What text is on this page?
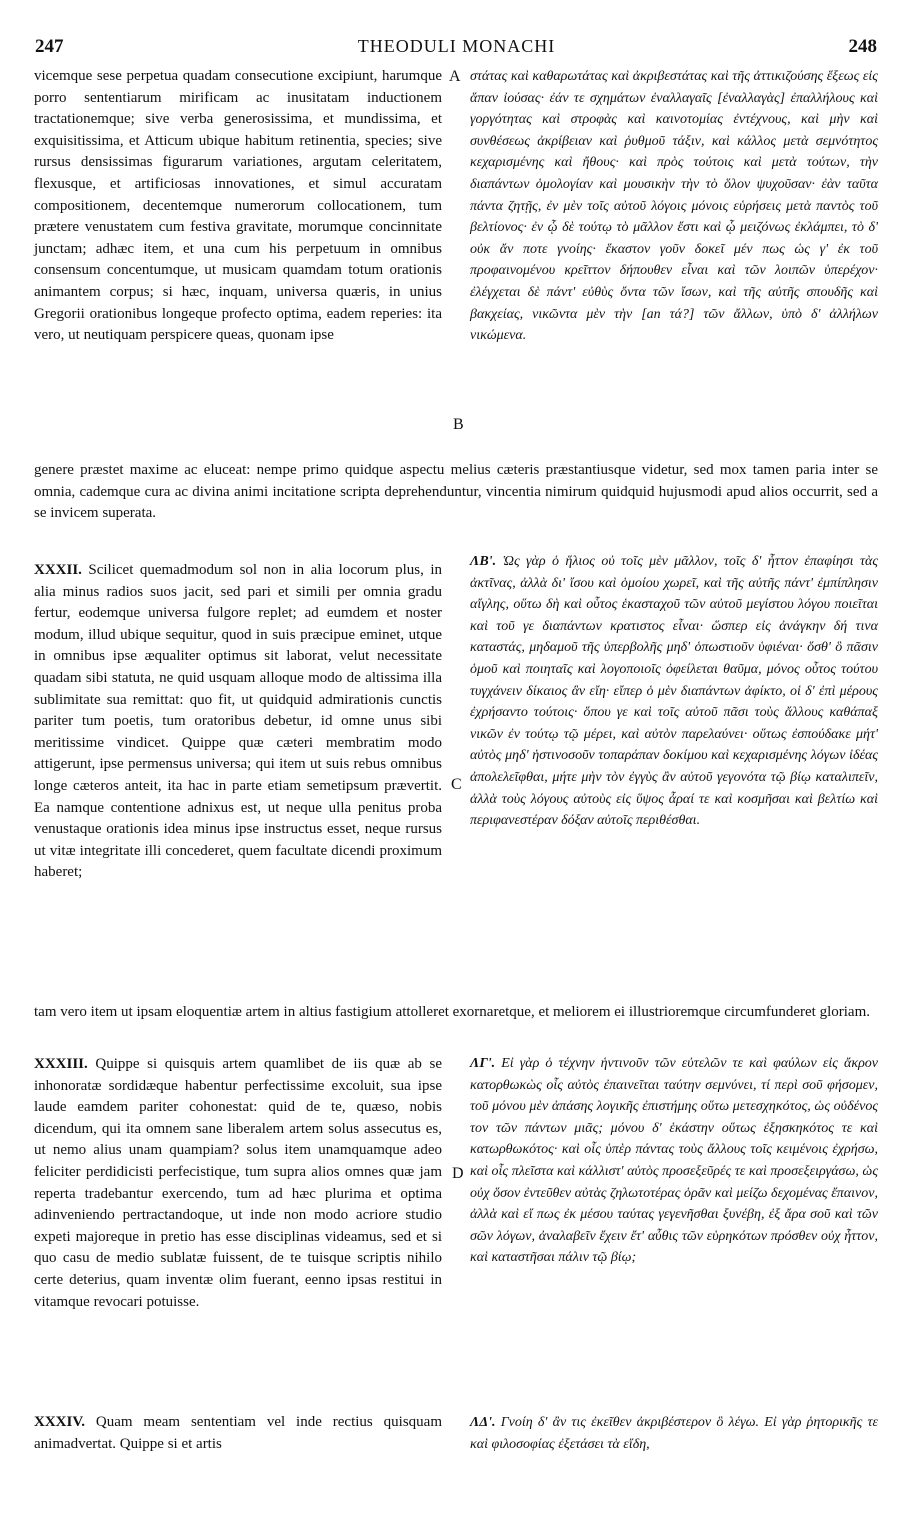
247	THEODULI MONACHI	248

vicemque sese perpetua quadam consecutione excipiunt, harumque porro sententiarum mirificam ac inusitatam inductionem tractationemque; sive verba generosissima, et mundissima, et exquisitissima, et Atticum ubique habitum retinentia, species; sive rursus densissimas figurarum variationes, argutam celeritatem, flexusque, et artificiosas innovationes, et simul accuratam compositionem, decentemque numerorum collocationem, tum prætere venustatem cum festiva gravitate, morumque concinnitate junctam; adhæc item, et una cum his perpetuum in omnibus consensum concentumque, ut musicam quamdam totum orationis animantem corpus; si hæc, inquam, universa quæris, in unius Gregorii orationibus longeque profecto optima, eadem reperies: ita vero, ut neutiquam perspicere queas, quonam ipse

στάτας καὶ καθαρωτάτας καὶ ἀκριβεστάτας καὶ τῆς ἀττικιζούσης ἕξεως εἰς ἅπαν ἰούσας· ἐάν τε σχημάτων ἐναλλαγαῖς [ἐναλλαγὰς] ἐπαλλήλους καὶ γοργότητας καὶ στροφὰς καὶ καινοτομίας ἐντέχνους, καὶ μὴν καὶ συνθέσεως ἀκρίβειαν καὶ ῥυθμοῦ τάξιν, καὶ κάλλος μετὰ σεμνότητος κεχαρισμένης καὶ ἤθους· καὶ πρὸς τούτοις καὶ μετὰ τούτων, τὴν διαπάντων ὁμολογίαν καὶ μουσικὴν τὴν τὸ ὅλον ψυχοῦσαν· ἐὰν ταῦτα πάντα ζητῇς, ἐν μὲν τοῖς αὐτοῦ λόγοις μόνοις εὑρήσεις μετὰ παντὸς τοῦ βελτίονος· ἐν ᾧ δὲ τούτῳ τὸ μᾶλλον ἔστι καὶ ᾧ μειζόνως ἐκλάμπει, τὸ δ' οὐκ ἄν ποτε γνοίης· ἕκαστον γοῦν δοκεῖ μέν πως ὡς γ' ἐκ τοῦ προφαινομένου κρεῖττον δήπουθεν εἶναι καὶ τῶν λοιπῶν ὑπερέχον· ἐλέγχεται δὲ πάντ' εὐθὺς ὄντα τῶν ἴσων, καὶ τῆς αὐτῆς σπουδῆς καὶ βακχείας, νικῶντα μὲν τὴν [an τά?] τῶν ἄλλων, ὑπὸ δ' ἀλλήλων νικώμενα.

A
B

genere præstet maxime ac eluceat: nempe primo quidque aspectu melius cæteris præstantiusque videtur, sed mox tamen paria inter se omnia, cademque cura ac divina animi incitatione scripta deprehenduntur, vincentia nimirum quidquid hujusmodi apud alios occurrit, sed a se invicem superata.

XXXII. Scilicet quemadmodum sol non in alia locorum plus, in alia minus radios suos jacit, sed pari et simili per omnia gradu fertur, eodemque universa fulgore replet; ad eumdem et noster modum, illud ubique sequitur, quod in suis præcipue eminet, utque in omnibus ipse æqualiter optimus sit laborat, velut necessitate quadam sibi statuta, ne quid usquam alloque modo de altissima illa sublimitate sua remittat: quo fit, ut quidquid admirationis cunctis pariter tum poetis, tum oratoribus debetur, id omne unus sibi meritissime vindicet. Quippe quæ cæteri membratim modo attigerunt, ipse permensus universa; qui item ut suis rebus omnibus longe cæteros anteit, ita hac in parte etiam semetipsum prævertit. Ea namque contentione adnixus est, ut neque ulla penitus proba venustaque orationis idea minus ipse instructus esset, neque rursus ut vitæ integritate illi concederet, quem facultate dicendi proximum haberet;

ΛΒ'. Ὡς γὰρ ὁ ἥλιος οὐ τοῖς μὲν μᾶλλον, τοῖς δ' ἧττον ἐπαφίησι τὰς ἀκτῖνας, ἀλλὰ δι' ἴσου καὶ ὁμοίου χωρεῖ, καὶ τῆς αὐτῆς πάντ' ἐμπίπλησιν αἴγλης, οὕτω δὴ καὶ οὗτος ἑκασταχοῦ τῶν αὐτοῦ μεγίστου λόγου ποιεῖται καὶ τοῦ γε διαπάντων κρατιστος εἶναι· ὥσπερ εἰς ἀνάγκην δή τινα καταστάς, μηδαμοῦ τῆς ὑπερβολῆς μηδ' ὁπωστιοῦν ὑφιέναι· ὅσθ' ὃ πᾶσιν ὁμοῦ καὶ ποιηταῖς καὶ λογοποιοῖς ὀφείλεται θαῦμα, μόνος οὗτος τούτου τυγχάνειν δίκαιος ἂν εἴη· εἴπερ ὁ μὲν διαπάντων ἀφίκτο, οἱ δ' ἐπὶ μέρους ἐχρήσαντο τούτοις· ὅπου γε καὶ τοῖς αὐτοῦ πᾶσι τοὺς ἄλλους καθάπαξ νικῶν ἐν τούτῳ τῷ μέρει, καὶ αὐτὸν παρελαύνει· οὕτως ἐσπούδακε μήτ' αὐτὸς μηδ' ἡστινοσοῦν τοπαράπαν δοκίμου καὶ κεχαρισμένης λόγων ἰδέας ἀπολελεῖφθαι, μήτε μὴν τὸν ἐγγὺς ἂν αὐτοῦ γεγονότα τῷ βίῳ καταλιπεῖν, ἀλλὰ τοὺς λόγους αὐτοὺς εἰς ὕψος ἆραί τε καὶ κοσμῆσαι καὶ βελτίω καὶ περιφανεστέραν δόξαν αὐτοῖς περιθέσθαι.

C

tam vero item ut ipsam eloquentiæ artem in altius fastigium attolleret exornaretque, et meliorem ei illustrioremque circumfunderet gloriam.

XXXIII. Quippe si quisquis artem quamlibet de iis quæ ab se inhonoratæ sordidæque habentur perfectissime excoluit, sua ipse laude eamdem pariter cohonestat: quid de te, quæso, nobis dicendum, qui ita omnem sane liberalem artem solus assecutus es, ut nemo alius unam quampiam? solus item unamquamque adeo feliciter perdidicisti perfecistique, tum supra alios omnes quæ jam reperta tradebantur exercendo, tum ad hæc plurima et optima adinveniendo pertractandoque, ut inde non modo acriore studio expeti majoreque in pretio has esse disciplinas videamus, sed et si quo casu de medio sublatæ fuissent, de te tuisque scriptis nihilo certe deterius, quam inventæ olim fuerant, eenno ipsas restitui in vitamque revocari potuisse.

ΛΓ'. Εἰ γὰρ ὁ τέχνην ἡντινοῦν τῶν εὐτελῶν τε καὶ φαύλων εἰς ἄκρον κατορθωκὼς οἷς αὐτὸς ἐπαινεῖται ταύτην σεμνύνει, τί περὶ σοῦ φήσομεν, τοῦ μόνου μὲν ἁπάσης λογικῆς ἐπιστήμης οὕτω μετεσχηκότος, ὡς οὐδένος τον τῶν πάντων μιᾶς; μόνου δ' ἑκάστην οὕτως ἐξησκηκότος τε καὶ κατωρθωκότος· καὶ οἷς ὑπὲρ πάντας τοὺς ἄλλους τοῖς κειμένοις ἐχρήσω, καὶ οἷς πλεῖστα καὶ κάλλιστ' αὐτὸς προσεξεῦρές τε καὶ προσεξειργάσω, ὡς οὐχ ὅσον ἐντεῦθεν αὐτὰς ζηλωτοτέρας ὁρᾶν καὶ μείζω δεχομένας ἔπαινον, ἀλλὰ καὶ εἴ πως ἐκ μέσου ταύτας γεγενῆσθαι ξυνέβη, ἐξ ἄρα σοῦ καὶ τῶν σῶν λόγων, ἀναλαβεῖν ἔχειν ἔτ' αὖθις τῶν εὑρηκότων πρόσθεν οὐχ ἧττον, καὶ καταστῆσαι πάλιν τῷ βίῳ;

D

XXXIV. Quam meam sententiam vel inde rectius quisquam animadvertat. Quippe si et artis

ΛΔ'. Γνοίη δ' ἂν τις ἐκεῖθεν ἀκριβέστερον ὃ λέγω. Εἰ γὰρ ῥητορικῆς τε καὶ φιλοσοφίας ἐξετάσει τὰ εἴδη,
